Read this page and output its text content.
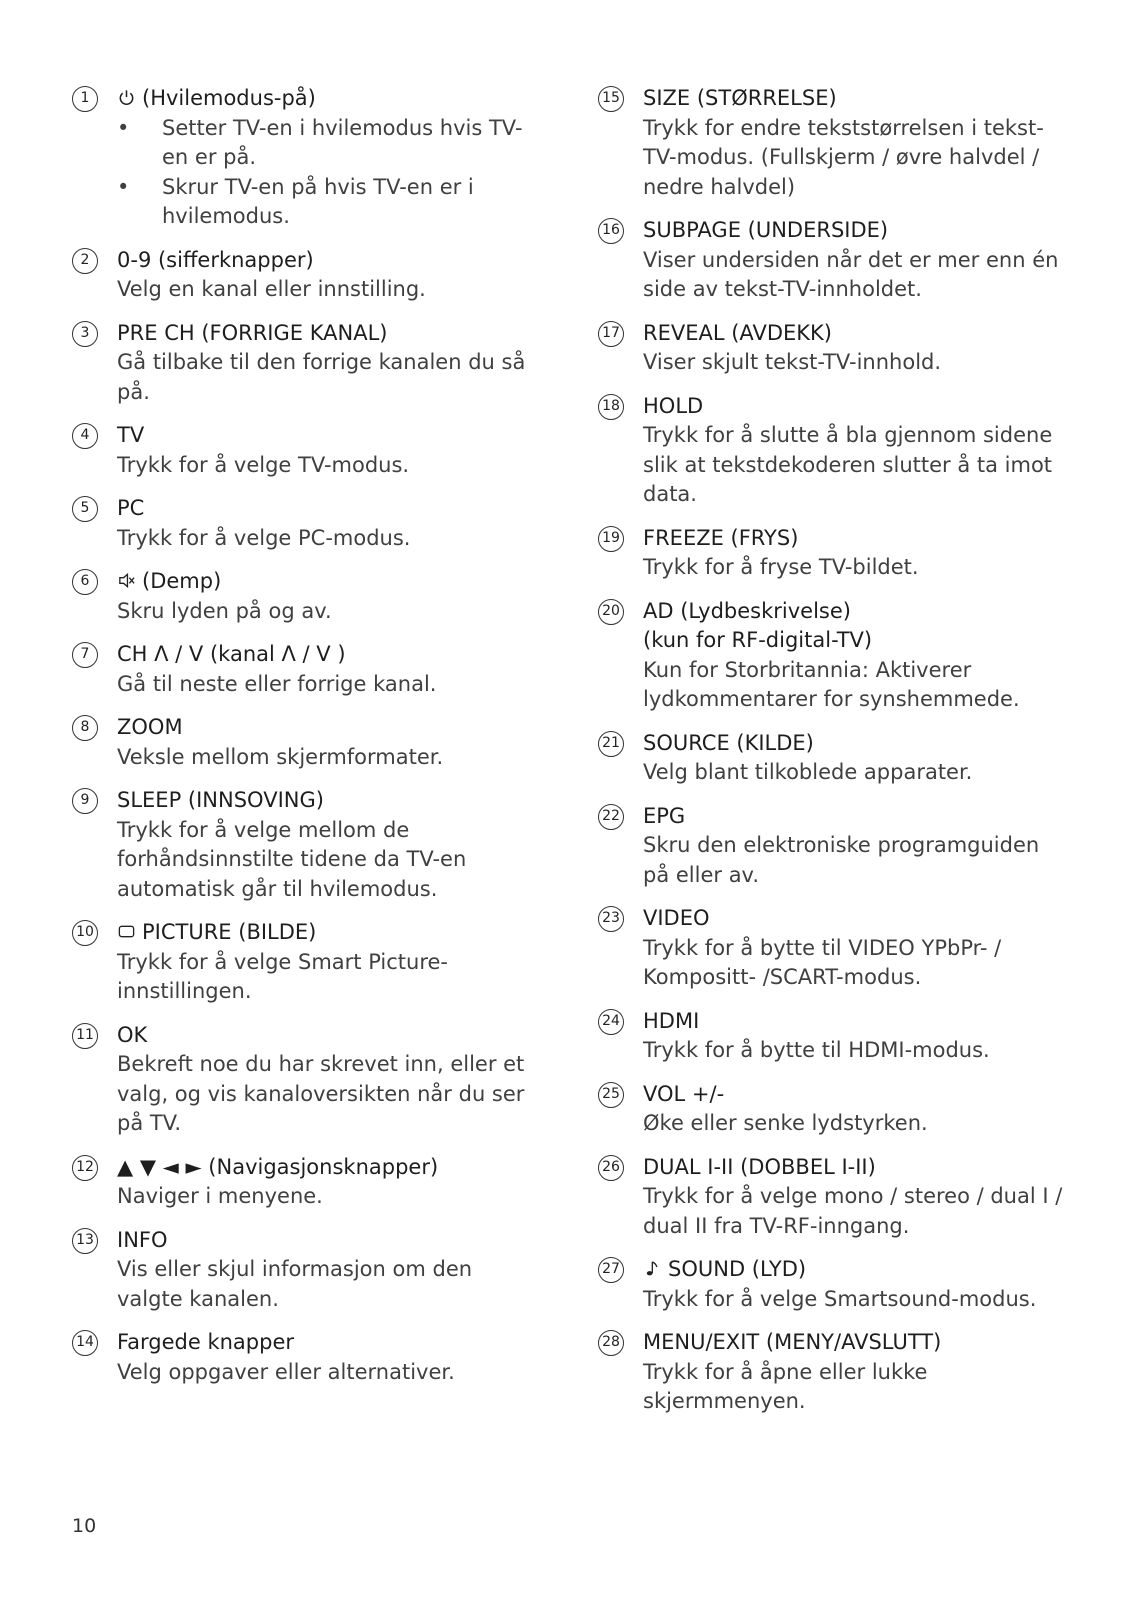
1	(Hvilemodus-på)
•	Setter TV-en i hvilemodus hvis TV-en er på.
•	Skrur TV-en på hvis TV-en er i hvilemodus.
2	0-9 (sifferknapper)
Velg en kanal eller innstilling.
3	PRE CH (FORRIGE KANAL)
Gå tilbake til den forrige kanalen du så på.
4	TV
Trykk for å velge TV-modus.
5	PC
Trykk for å velge PC-modus.
6	(Demp)
Skru lyden på og av.
7	CH Λ / V (kanal Λ / V )
Gå til neste eller forrige kanal.
8	ZOOM
Veksle mellom skjermformater.
9	SLEEP (INNSOVING)
Trykk for å velge mellom de forhåndsinnstilte tidene da TV-en automatisk går til hvilemodus.
10	PICTURE (BILDE)
Trykk for å velge Smart Picture-innstillingen.
11 OK
Bekreft noe du har skrevet inn, eller et valg, og vis kanaloversikten når du ser på TV.
12 ▲ ▼ ◄ ► (Navigasjonsknapper)
Naviger i menyene.
13 INFO
Vis eller skjul informasjon om den valgte kanalen.
14 Fargede knapper
Velg oppgaver eller alternativer.
15 SIZE (STØRRELSE)
Trykk for endre tekststørrelsen i tekst-TV-modus. (Fullskjerm / øvre halvdel / nedre halvdel)
16 SUBPAGE (UNDERSIDE)
Viser undersiden når det er mer enn én side av tekst-TV-innholdet.
17 REVEAL (AVDEKK)
Viser skjult tekst-TV-innhold.
18 HOLD
Trykk for å slutte å bla gjennom sidene slik at tekstdekoderen slutter å ta imot data.
19 FREEZE (FRYS)
Trykk for å fryse TV-bildet.
20 AD (Lydbeskrivelse)
(kun for RF-digital-TV)
Kun for Storbritannia: Aktiverer lydkommentarer for synshemmede.
21 SOURCE (KILDE)
Velg blant tilkoblede apparater.
22 EPG
Skru den elektroniske programguiden på eller av.
23 VIDEO
Trykk for å bytte til VIDEO YPbPr- / Kompositt- /SCART-modus.
24 HDMI
Trykk for å bytte til HDMI-modus.
25 VOL +/-
Øke eller senke lydstyrken.
26 DUAL I-II (DOBBEL I-II)
Trykk for å velge mono / stereo / dual I / dual II fra TV-RF-inngang.
27	SOUND (LYD)
Trykk for å velge Smartsound-modus.
28 MENU/EXIT (MENY/AVSLUTT)
Trykk for å åpne eller lukke skjermmenyen.
10
